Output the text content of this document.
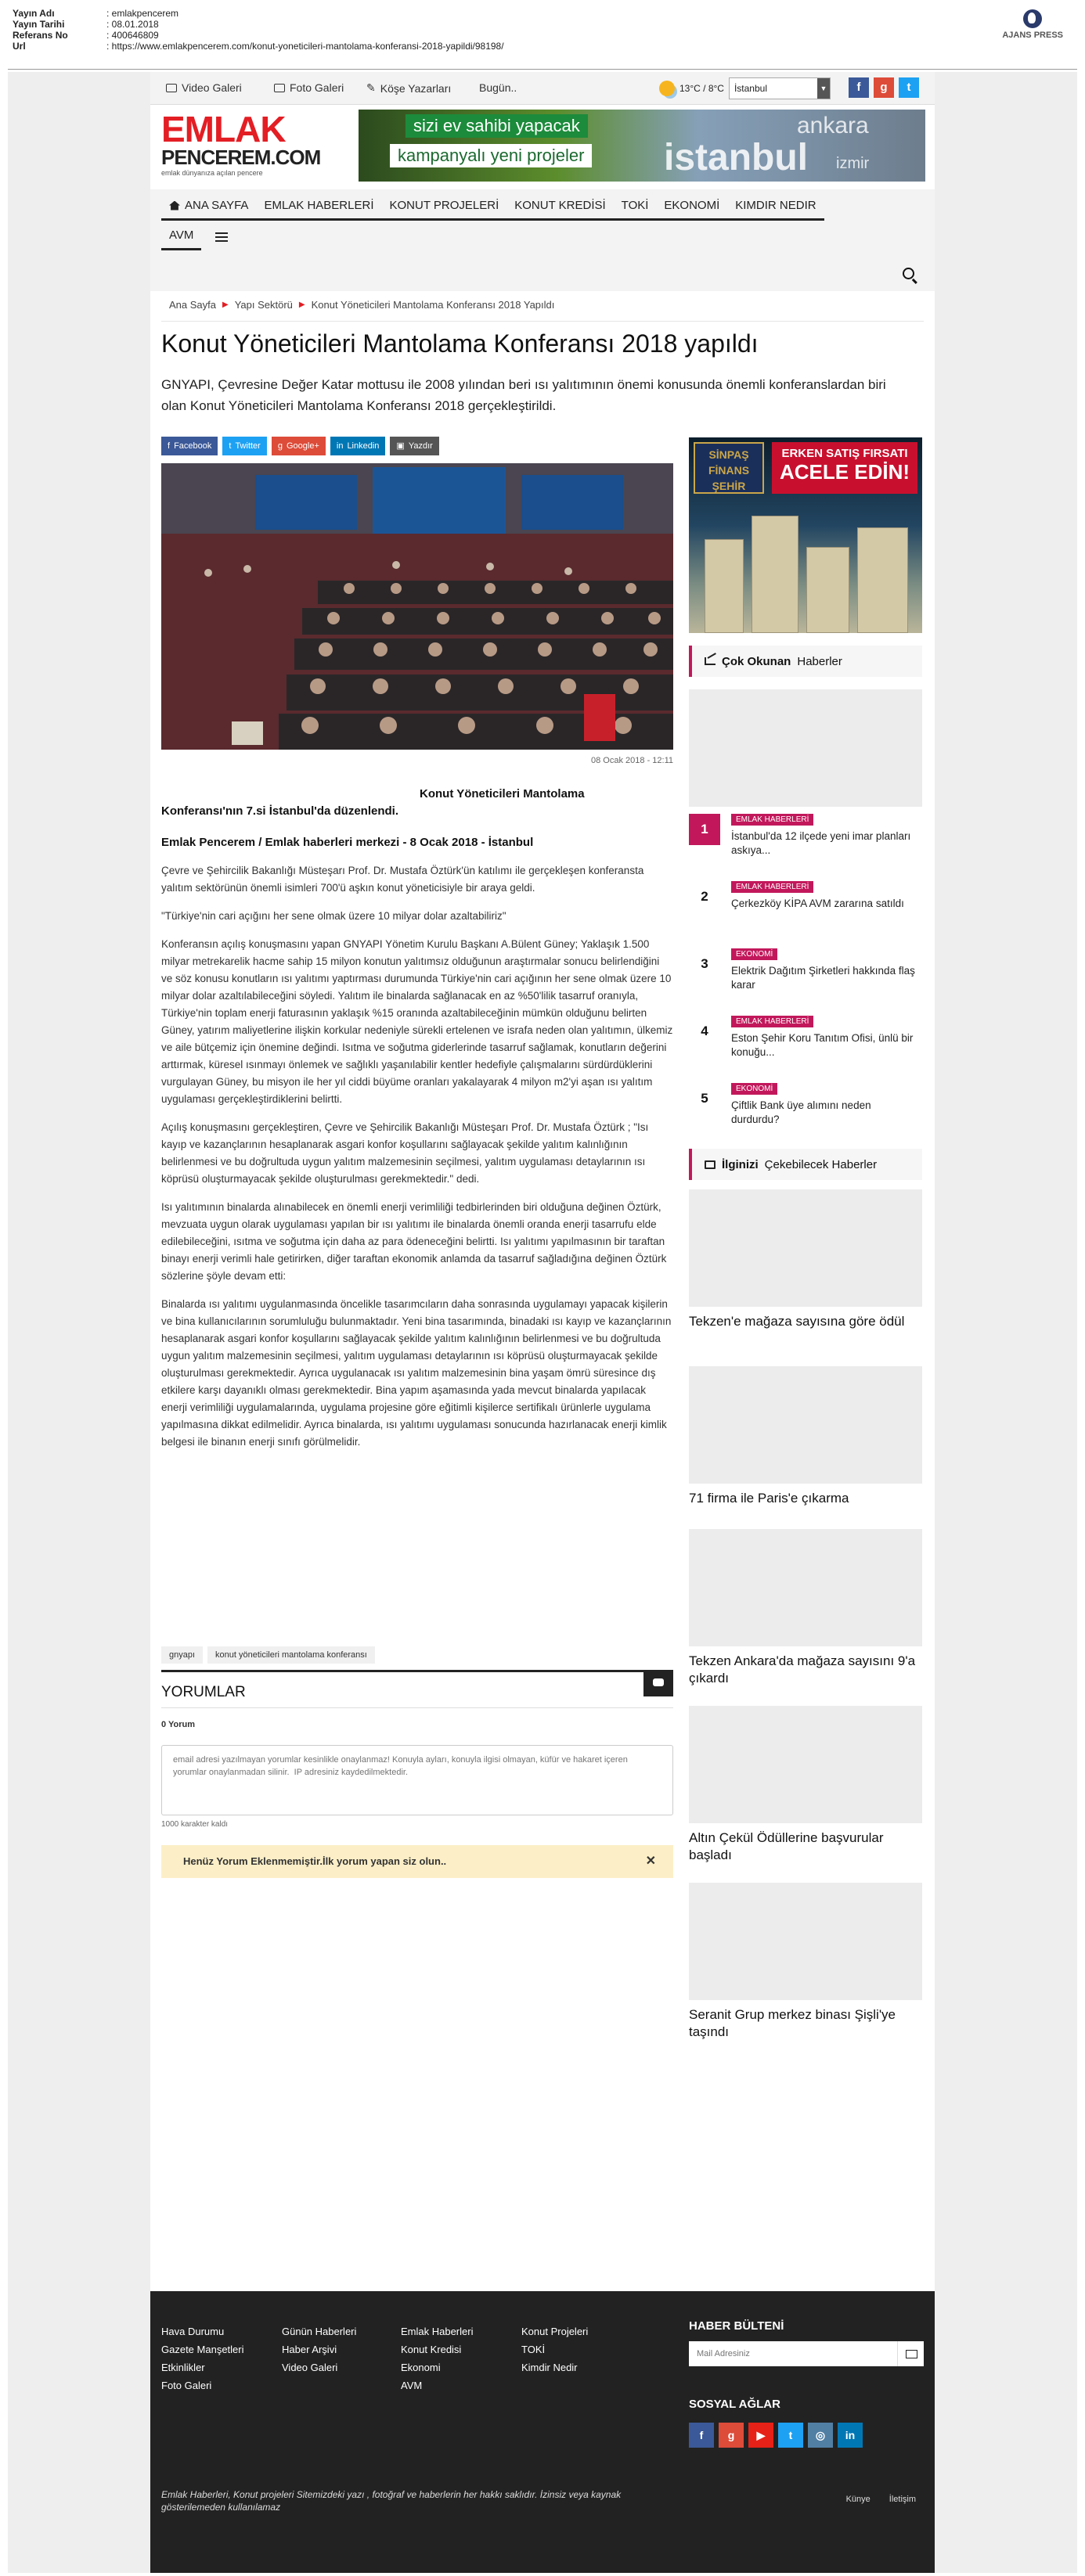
Yayın Adı	: emlakpencerem
Yayın Tarihi	: 08.01.2018
Referans No	: 400646809
Url	: https://www.emlakpencerem.com/konut-yoneticileri-mantolama-konferansi-2018-yapildi/98198/
AJANS PRESS
Video Galeri	Foto Galeri ✎ Köşe Yazarları	Bugün..	13°C / 8°C	İstanbul	▼	f	g	t
EMLAK
PENCEREM.COM
emlak dünyanıza açılan pencere
sizi ev sahibi yapacak
kampanyalı yeni projeler istanbul
ankara
izmir
ANA SAYFA EMLAK HABERLERİ KONUT PROJELERİ KONUT KREDİSİ TOKİ EKONOMİ KIMDIR NEDIR
AVM
Ana Sayfa ▶ Yapı Sektörü ▶ Konut Yöneticileri Mantolama Konferansı 2018 Yapıldı
Konut Yöneticileri Mantolama Konferansı 2018 yapıldı

GNYAPI, Çevresine Değer Katar mottusu ile 2008 yılından beri ısı yalıtımının önemi konusunda önemli konferanslardan biri olan Konut Yöneticileri Mantolama Konferansı 2018 gerçekleştirildi.

f Facebook t Twitter g Google+ in Linkedin ▣ Yazdır
08 Ocak 2018 - 12:11

Konut Yöneticileri Mantolama

Konferansı'nın 7.si İstanbul'da düzenlendi.

Emlak Pencerem / Emlak haberleri merkezi - 8 Ocak 2018 - İstanbul

Çevre ve Şehircilik Bakanlığı Müsteşarı Prof. Dr. Mustafa Öztürk'ün katılımı ile gerçekleşen konferansta yalıtım sektörünün önemli isimleri 700'ü aşkın konut yöneticisiyle bir araya geldi.

"Türkiye'nin cari açığını her sene olmak üzere 10 milyar dolar azaltabiliriz"

Konferansın açılış konuşmasını yapan GNYAPI Yönetim Kurulu Başkanı A.Bülent Güney; Yaklaşık 1.500 milyar metrekarelik hacme sahip 15 milyon konutun yalıtımsız olduğunun araştırmalar sonucu belirlendiğini ve söz konusu konutların ısı yalıtımı yaptırması durumunda Türkiye'nin cari açığının her sene olmak üzere 10 milyar dolar azaltılabileceğini söyledi. Yalıtım ile binalarda sağlanacak en az %50'lilik tasarruf oranıyla, Türkiye'nin toplam enerji faturasının yaklaşık %15 oranında azaltabileceğinin mümkün olduğunu belirten Güney, yatırım maliyetlerine ilişkin korkular nedeniyle sürekli ertelenen ve israfa neden olan yalıtımın, ülkemiz ve aile bütçemiz için önemine değindi. Isıtma ve soğutma giderlerinde tasarruf sağlamak, konutların değerini arttırmak, küresel ısınmayı önlemek ve sağlıklı yaşanılabilir kentler hedefiyle çalışmalarını sürdürdüklerini vurgulayan Güney, bu misyon ile her yıl ciddi büyüme oranları yakalayarak 4 milyon m2'yi aşan ısı yalıtım uygulaması gerçekleştirdiklerini belirtti.

Açılış konuşmasını gerçekleştiren, Çevre ve Şehircilik Bakanlığı Müsteşarı Prof. Dr. Mustafa Öztürk ; "Isı kayıp ve kazançlarının hesaplanarak asgari konfor koşullarını sağlayacak şekilde yalıtım kalınlığının belirlenmesi ve bu doğrultuda uygun yalıtım malzemesinin seçilmesi, yalıtım uygulaması detaylarının ısı köprüsü oluşturmayacak şekilde oluşturulması gerekmektedir." dedi.

Isı yalıtımının binalarda alınabilecek en önemli enerji verimliliği tedbirlerinden biri olduğuna değinen Öztürk, mevzuata uygun olarak uygulaması yapılan bir ısı yalıtımı ile binalarda önemli oranda enerji tasarrufu elde edilebileceğini, ısıtma ve soğutma için daha az para ödeneceğini belirtti. Isı yalıtımı yapılmasının bir taraftan binayı enerji verimli hale getirirken, diğer taraftan ekonomik anlamda da tasarruf sağladığına değinen Öztürk sözlerine şöyle devam etti:

Binalarda ısı yalıtımı uygulanmasında öncelikle tasarımcıların daha sonrasında uygulamayı yapacak kişilerin ve bina kullanıcılarının sorumluluğu bulunmaktadır. Yeni bina tasarımında, binadaki ısı kayıp ve kazançlarının hesaplanarak asgari konfor koşullarını sağlayacak şekilde yalıtım kalınlığının belirlenmesi ve bu doğrultuda uygun yalıtım malzemesinin seçilmesi, yalıtım uygulaması detaylarının ısı köprüsü oluşturmayacak şekilde oluşturulması gerekmektedir. Ayrıca uygulanacak ısı yalıtım malzemesinin bina yaşam ömrü süresince dış etkilere karşı dayanıklı olması gerekmektedir. Bina yapım aşamasında yada mevcut binalarda yapılacak enerji verimliliği uygulamalarında, uygulama projesine göre eğitimli kişilerce sertifikalı ürünlerle uygulama yapılmasına dikkat edilmelidir. Ayrıca binalarda, ısı yalıtımı uygulaması sonucunda hazırlanacak enerji kimlik belgesi ile binanın enerji sınıfı görülmelidir.

gnyapı	konut yöneticileri mantolama konferansı
YORUMLAR
0 Yorum
email adresi yazılmayan yorumlar kesinlikle onaylanmaz! Konuyla ayları, konuyla ilgisi olmayan, küfür ve hakaret içeren yorumlar onaylanmadan silinir. IP adresiniz kaydedilmektedir.
1000 karakter kaldı
Henüz Yorum Eklenmemiştir.İlk yorum yapan siz olun..	✕
SİNPAŞ
FİNANS ŞEHİR
ERKEN SATIŞ FIRSATI
ACELE EDİN!
Çok Okunan Haberler
1
EMLAK HABERLERİ
İstanbul'da 12 ilçede yeni imar planları askıya...
2
EMLAK HABERLERİ
Çerkezköy KİPA AVM zararına satıldı
3
EKONOMİ
Elektrik Dağıtım Şirketleri hakkında flaş karar
4
EMLAK HABERLERİ
Eston Şehir Koru Tanıtım Ofisi, ünlü bir konuğu...
5
EKONOMİ
Çiftlik Bank üye alımını neden durdurdu?
İlginizi Çekebilecek Haberler
Tekzen'e mağaza sayısına göre ödül
71 firma ile Paris'e çıkarma
Tekzen Ankara'da mağaza sayısını 9'a çıkardı
Altın Çekül Ödüllerine başvurular başladı
Seranit Grup merkez binası Şişli'ye taşındı
Hava Durumu
Gazete Manşetleri
Etkinlikler
Foto Galeri
Günün Haberleri
Haber Arşivi
Video Galeri
Emlak Haberleri
Konut Kredisi
Ekonomi
AVM
Konut Projeleri
TOKİ
Kimdir Nedir
HABER BÜLTENİ
Mail Adresiniz
SOSYAL AĞLAR
f	g	▶	t	◎	in
Emlak Haberleri, Konut projeleri Sitemizdeki yazı , fotoğraf ve haberlerin her hakkı saklıdır. İzinsiz veya kaynak gösterilemeden kullanılamaz
Künye İletişim
